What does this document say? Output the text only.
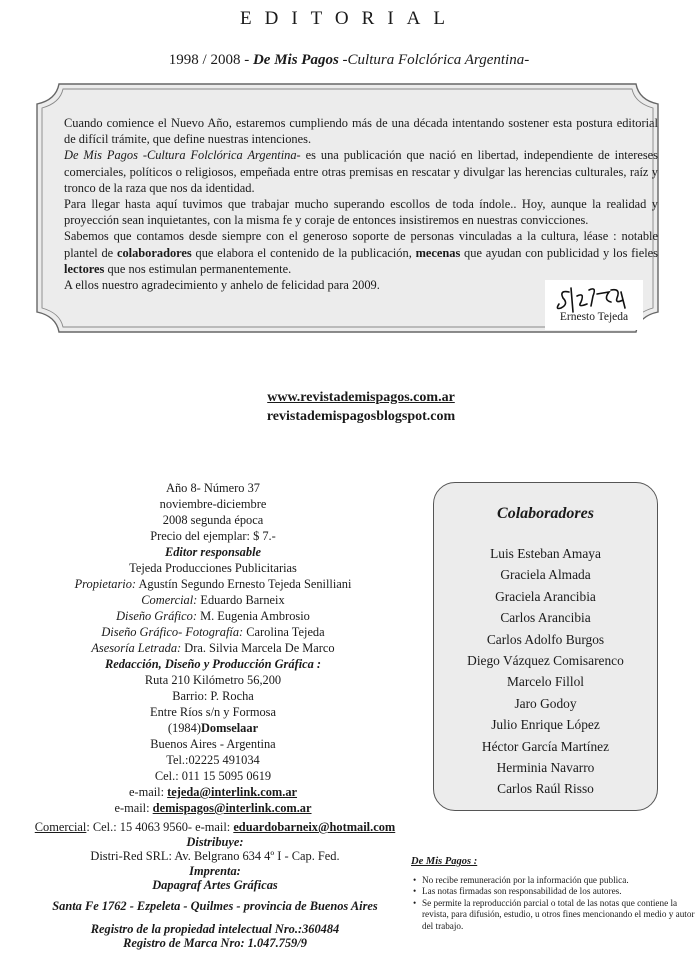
EDITORIAL
1998 / 2008 - De Mis Pagos -Cultura Folclórica Argentina-

Cuando comience el Nuevo Año, estaremos cumpliendo más de una década intentando sostener esta postura editorial de difícil trámite, que define nuestras intenciones.

De Mis Pagos -Cultura Folclórica Argentina- es una publicación que nació en libertad, independiente de intereses comerciales, políticos o religiosos, empeñada entre otras premisas en rescatar y divulgar las herencias culturales, raíz y tronco de la raza que nos da identidad.

Para llegar hasta aquí tuvimos que trabajar mucho superando escollos de toda índole.. Hoy, aunque la realidad y proyección sean inquietantes, con la misma fe y coraje de entonces insistiremos en nuestras convicciones.

Sabemos que contamos desde siempre con el generoso soporte de personas vinculadas a la cultura, léase : notable plantel de colaboradores que elabora el contenido de la publicación, mecenas que ayudan con publicidad y los fieles lectores que nos estimulan permanentemente.

A ellos nuestro agradecimiento y anhelo de felicidad para 2009.

Ernesto Tejeda
www.revistademispagos.com.ar
revistademispagosblogspot.com
Año 8- Número 37
noviembre-diciembre
2008 segunda época
Precio del ejemplar: $ 7.-
Editor responsable
Tejeda Producciones Publicitarias
Propietario: Agustín Segundo Ernesto Tejeda Senilliani
Comercial: Eduardo Barneix
Diseño Gráfico: M. Eugenia Ambrosio
Diseño Gráfico- Fotografía: Carolina Tejeda
Asesoría Letrada: Dra. Silvia Marcela De Marco
Redacción, Diseño y Producción Gráfica :
Ruta 210 Kilómetro 56,200
Barrio: P. Rocha
Entre Ríos s/n y Formosa
(1984)Domselaar
Buenos Aires - Argentina
Tel.:02225 491034
Cel.: 011 15 5095 0619
e-mail: tejeda@interlink.com.ar
e-mail: demispagos@interlink.com.ar
Colaboradores
Luis Esteban Amaya
Graciela Almada
Graciela Arancibia
Carlos Arancibia
Carlos Adolfo Burgos
Diego Vázquez Comisarenco
Marcelo Fillol
Jaro Godoy
Julio Enrique López
Héctor García Martínez
Herminia Navarro
Carlos Raúl Risso
Comercial: Cel.: 15 4063 9560- e-mail: eduardobarneix@hotmail.com
Distribuye:
Distri-Red SRL: Av. Belgrano 634 4º I - Cap. Fed.
Imprenta:
Dapagraf Artes Gráficas
Santa Fe 1762 - Ezpeleta - Quilmes - provincia de Buenos Aires
Registro de la propiedad intelectual Nro.:360484
Registro de Marca Nro: 1.047.759/9
De Mis Pagos :
• No recibe remuneración por la información que publica.
• Las notas firmadas son responsabilidad de los autores.
• Se permite la reproducción parcial o total de las notas que contiene la revista, para difusión, estudio, u otros fines mencionando el medio y autor del trabajo.
